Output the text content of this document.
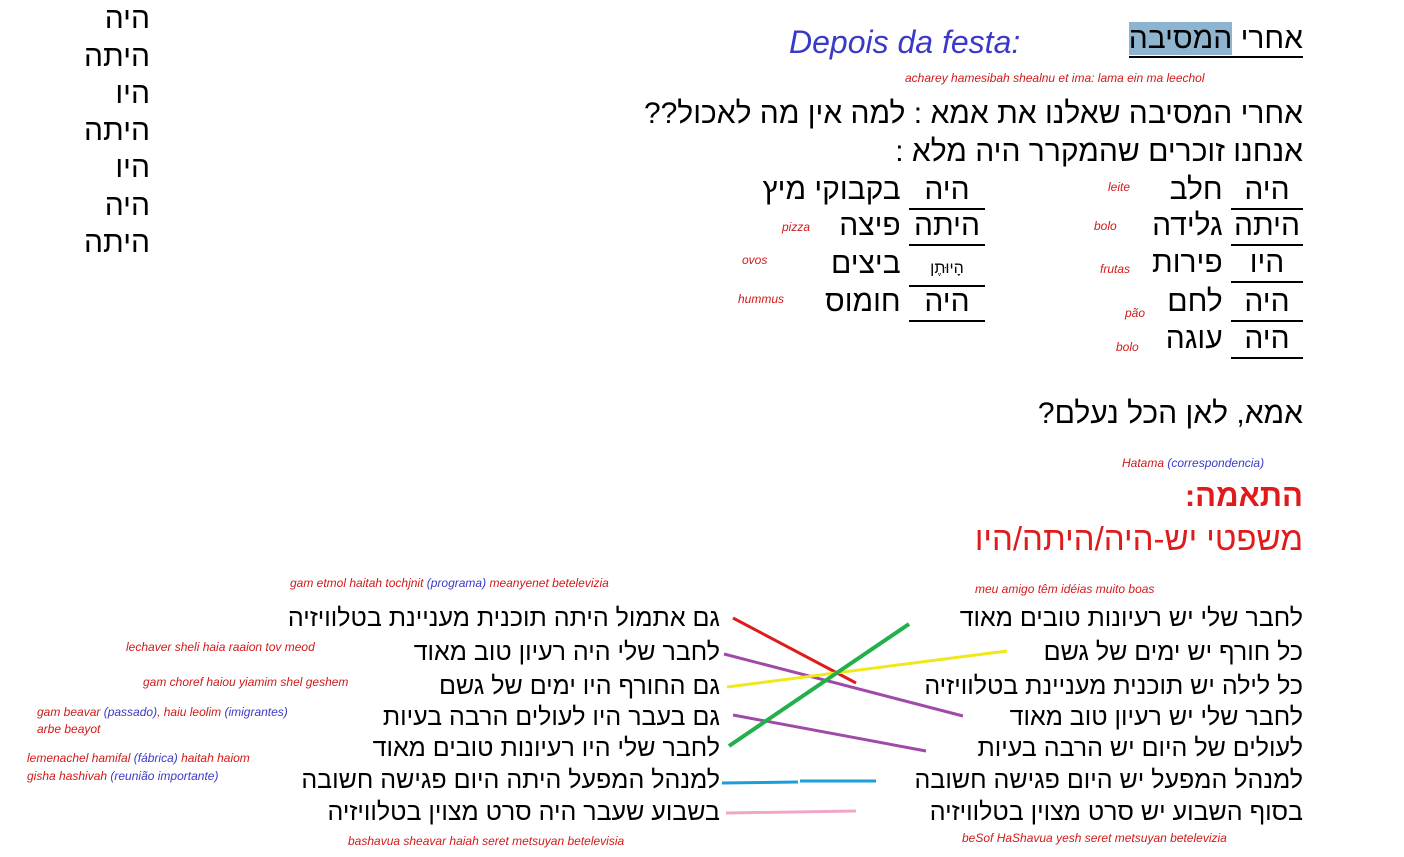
היה
היתה
היו
היתה
היו
היה
היתה
Depois da festa:	אחרי המסיבה
acharey hamesibah shealnu et ima: lama ein ma leechol
אחרי המסיבה שאלנו את אמא : למה אין מה לאכול??
אנחנו זוכרים שהמקרר היה מלא :
היה חלב
היתה גלידה
היו פירות
היה לחם
היה עוגה
leite
bolo
frutas
pão
bolo
היה בקבוקי מיץ
היתה פיצה
הָיוּתֶן ביצים
היה חומוס
pizza
ovos
hummus
אמא, לאן הכל נעלם?
Hatama (correspondencia)
התאמה:
משפטי יש-היה/היתה/היו
gam etmol haitah tochjnit (programa) meanyenet betelevizia	meu amigo têm idéias muito boas
lechaver sheli haia raaion tov meod
gam choref haiou yiamim shel geshem
gam beavar (passado), haiu leolim (imigrantes)
arbe beayot
lemenachel hamifal (fábrica) haitah haiom
gisha hashivah (reunião importante)
bashavua sheavar haiah seret metsuyan betelevisia	beSof HaShavua yesh seret metsuyan betelevizia
גם אתמול היתה תוכנית מעניינת בטלוויזיה
לחבר שלי היה רעיון טוב מאוד
גם החורף היו ימים של גשם
גם בעבר היו לעולים הרבה בעיות
לחבר שלי היו רעיונות טובים מאוד
למנהל המפעל היתה היום פגישה חשובה
בשבוע שעבר היה סרט מצוין בטלוויזיה
לחבר שלי יש רעיונות טובים מאוד
כל חורף יש ימים של גשם
כל לילה יש תוכנית מעניינת בטלוויזיה
לחבר שלי יש רעיון טוב מאוד
לעולים של היום יש הרבה בעיות
למנהל המפעל יש היום פגישה חשובה
בסוף השבוע יש סרט מצוין בטלוויזיה
